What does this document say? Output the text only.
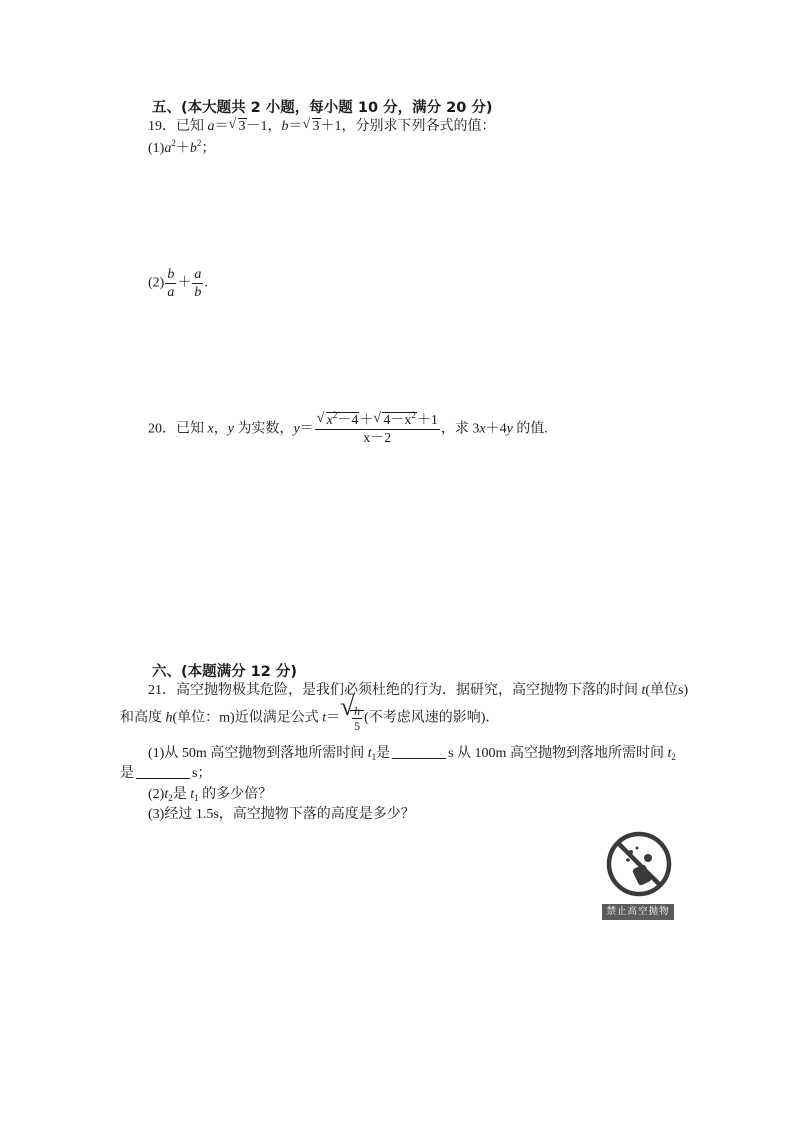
五、(本大题共 2 小题，每小题 10 分，满分 20 分)
19．已知 a＝ √ 3－1，b＝ √ 3＋1，分别求下列各式的值：
$(1)a^2+b^2$；
$(2) \frac{b}{a} + \frac{a}{b}$ .
20．已知 x，y 为实数，$y= \frac{√ x^2-4+ √ 4-x^2+1}{x-2}$ ，求 3x＋4y 的值.
六、(本题满分 12 分)
21．高空抛物极其危险，是我们必须杜绝的行为．据研究，高空抛物下落的时间 t(单位s)
和高度 h(单位：m)近似满足公式 t＝ √
$\frac{h}{5}$ (不考虑风速的影响)．
(1)从 50m 高空抛物到落地所需时间 $t_1$是	s 从 100m 高空抛物到落地所需时间 $t_2$
是	s；
$(2)t_2$是 $t_1$ 的多少倍？
(3)经过 1.5s，高空抛物下落的高度是多少？
禁止高空抛物
